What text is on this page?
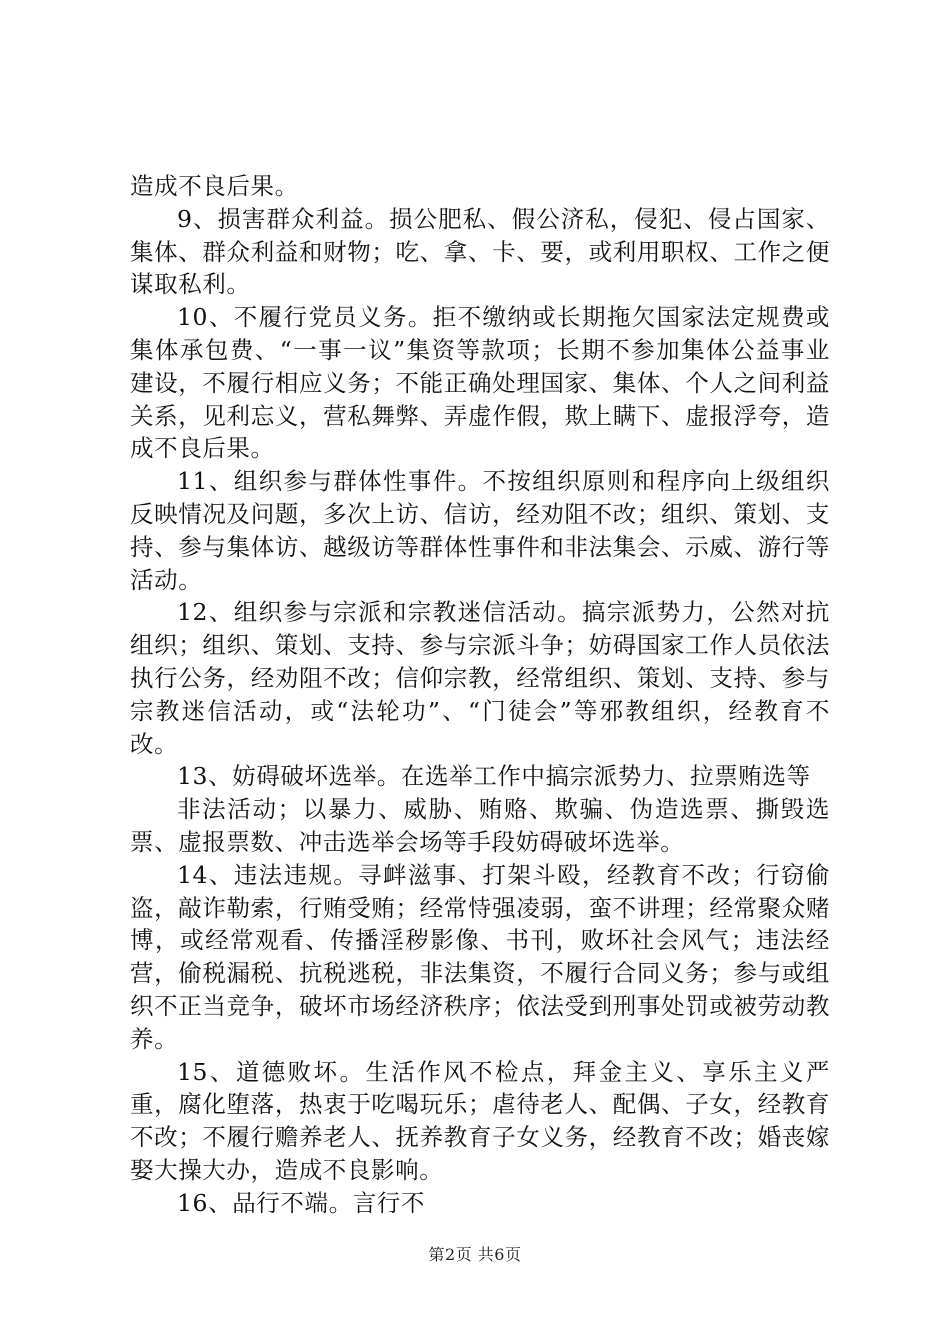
造成不良后果。

9、损害群众利益。损公肥私、假公济私，侵犯、侵占国家、集体、群众利益和财物；吃、拿、卡、要，或利用职权、工作之便谋取私利。

10、不履行党员义务。拒不缴纳或长期拖欠国家法定规费或集体承包费、“一事一议”集资等款项；长期不参加集体公益事业建设，不履行相应义务；不能正确处理国家、集体、个人之间利益关系，见利忘义，营私舞弊、弄虚作假，欺上瞒下、虚报浮夸，造成不良后果。

11、组织参与群体性事件。不按组织原则和程序向上级组织反映情况及问题，多次上访、信访，经劝阻不改；组织、策划、支持、参与集体访、越级访等群体性事件和非法集会、示威、游行等活动。

12、组织参与宗派和宗教迷信活动。搞宗派势力，公然对抗组织；组织、策划、支持、参与宗派斗争；妨碍国家工作人员依法执行公务，经劝阻不改；信仰宗教，经常组织、策划、支持、参与宗教迷信活动，或“法轮功”、“门徒会”等邪教组织，经教育不改。

13、妨碍破坏选举。在选举工作中搞宗派势力、拉票贿选等

非法活动；以暴力、威胁、贿赂、欺骗、伪造选票、撕毁选票、虚报票数、冲击选举会场等手段妨碍破坏选举。

14、违法违规。寻衅滋事、打架斗殴，经教育不改；行窃偷盗，敲诈勒索，行贿受贿；经常恃强凌弱，蛮不讲理；经常聚众赌博，或经常观看、传播淫秽影像、书刊，败坏社会风气；违法经营，偷税漏税、抗税逃税，非法集资，不履行合同义务；参与或组织不正当竞争，破坏市场经济秩序；依法受到刑事处罚或被劳动教养。

15、道德败坏。生活作风不检点，拜金主义、享乐主义严重，腐化堕落，热衷于吃喝玩乐；虐待老人、配偶、子女，经教育不改；不履行赡养老人、抚养教育子女义务，经教育不改；婚丧嫁娶大操大办，造成不良影响。

16、品行不端。言行不

第2页 共6页
